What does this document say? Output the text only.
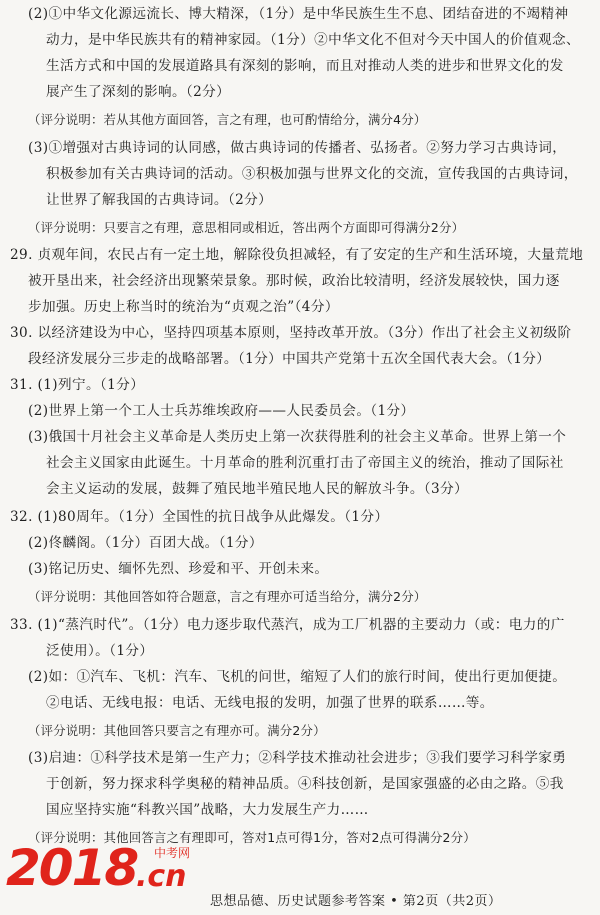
(2)①中华文化源远流长、博大精深，（1分）是中华民族生生不息、团结奋进的不竭精神
动力，是中华民族共有的精神家园。（1分）②中华文化不但对今天中国人的价值观念、
生活方式和中国的发展道路具有深刻的影响，而且对推动人类的进步和世界文化的发
展产生了深刻的影响。（2分）
（评分说明：若从其他方面回答，言之有理，也可酌情给分，满分4分）
(3)①增强对古典诗词的认同感，做古典诗词的传播者、弘扬者。②努力学习古典诗词，
积极参加有关古典诗词的活动。③积极加强与世界文化的交流，宣传我国的古典诗词，
让世界了解我国的古典诗词。（2分）
（评分说明：只要言之有理，意思相同或相近，答出两个方面即可得满分2分）
29. 贞观年间，农民占有一定土地，解除役负担减轻，有了安定的生产和生活环境，大量荒地
被开垦出来，社会经济出现繁荣景象。那时候，政治比较清明，经济发展较快，国力逐
步加强。历史上称当时的统治为“贞观之治”（4分）
30. 以经济建设为中心，坚持四项基本原则，坚持改革开放。（3分）作出了社会主义初级阶
段经济发展分三步走的战略部署。（1分）中国共产党第十五次全国代表大会。（1分）
31. (1)列宁。（1分）
(2)世界上第一个工人士兵苏维埃政府——人民委员会。（1分）
(3)俄国十月社会主义革命是人类历史上第一次获得胜利的社会主义革命。世界上第一个
社会主义国家由此诞生。十月革命的胜利沉重打击了帝国主义的统治，推动了国际社
会主义运动的发展，鼓舞了殖民地半殖民地人民的解放斗争。（3分）
32. (1)80周年。（1分）全国性的抗日战争从此爆发。（1分）
(2)佟麟阁。（1分）百团大战。（1分）
(3)铭记历史、缅怀先烈、珍爱和平、开创未来。
（评分说明：其他回答如符合题意，言之有理亦可适当给分，满分2分）
33. (1)“蒸汽时代”。（1分）电力逐步取代蒸汽，成为工厂机器的主要动力（或：电力的广
泛使用）。（1分）
(2)如：①汽车、飞机：汽车、飞机的问世，缩短了人们的旅行时间，使出行更加便捷。
②电话、无线电报：电话、无线电报的发明，加强了世界的联系……等。
（评分说明：其他回答只要言之有理亦可。满分2分）
(3)启迪：①科学技术是第一生产力；②科学技术推动社会进步；③我们要学习科学家勇
于创新，努力探求科学奥秘的精神品质。④科技创新，是国家强盛的必由之路。⑤我
国应坚持实施“科教兴国”战略，大力发展生产力……
（评分说明：其他回答言之有理即可，答对1点可得1分，答对2点可得满分2分）
2018
.cn
中考网
思想品德、历史试题参考答案 • 第2页（共2页）
